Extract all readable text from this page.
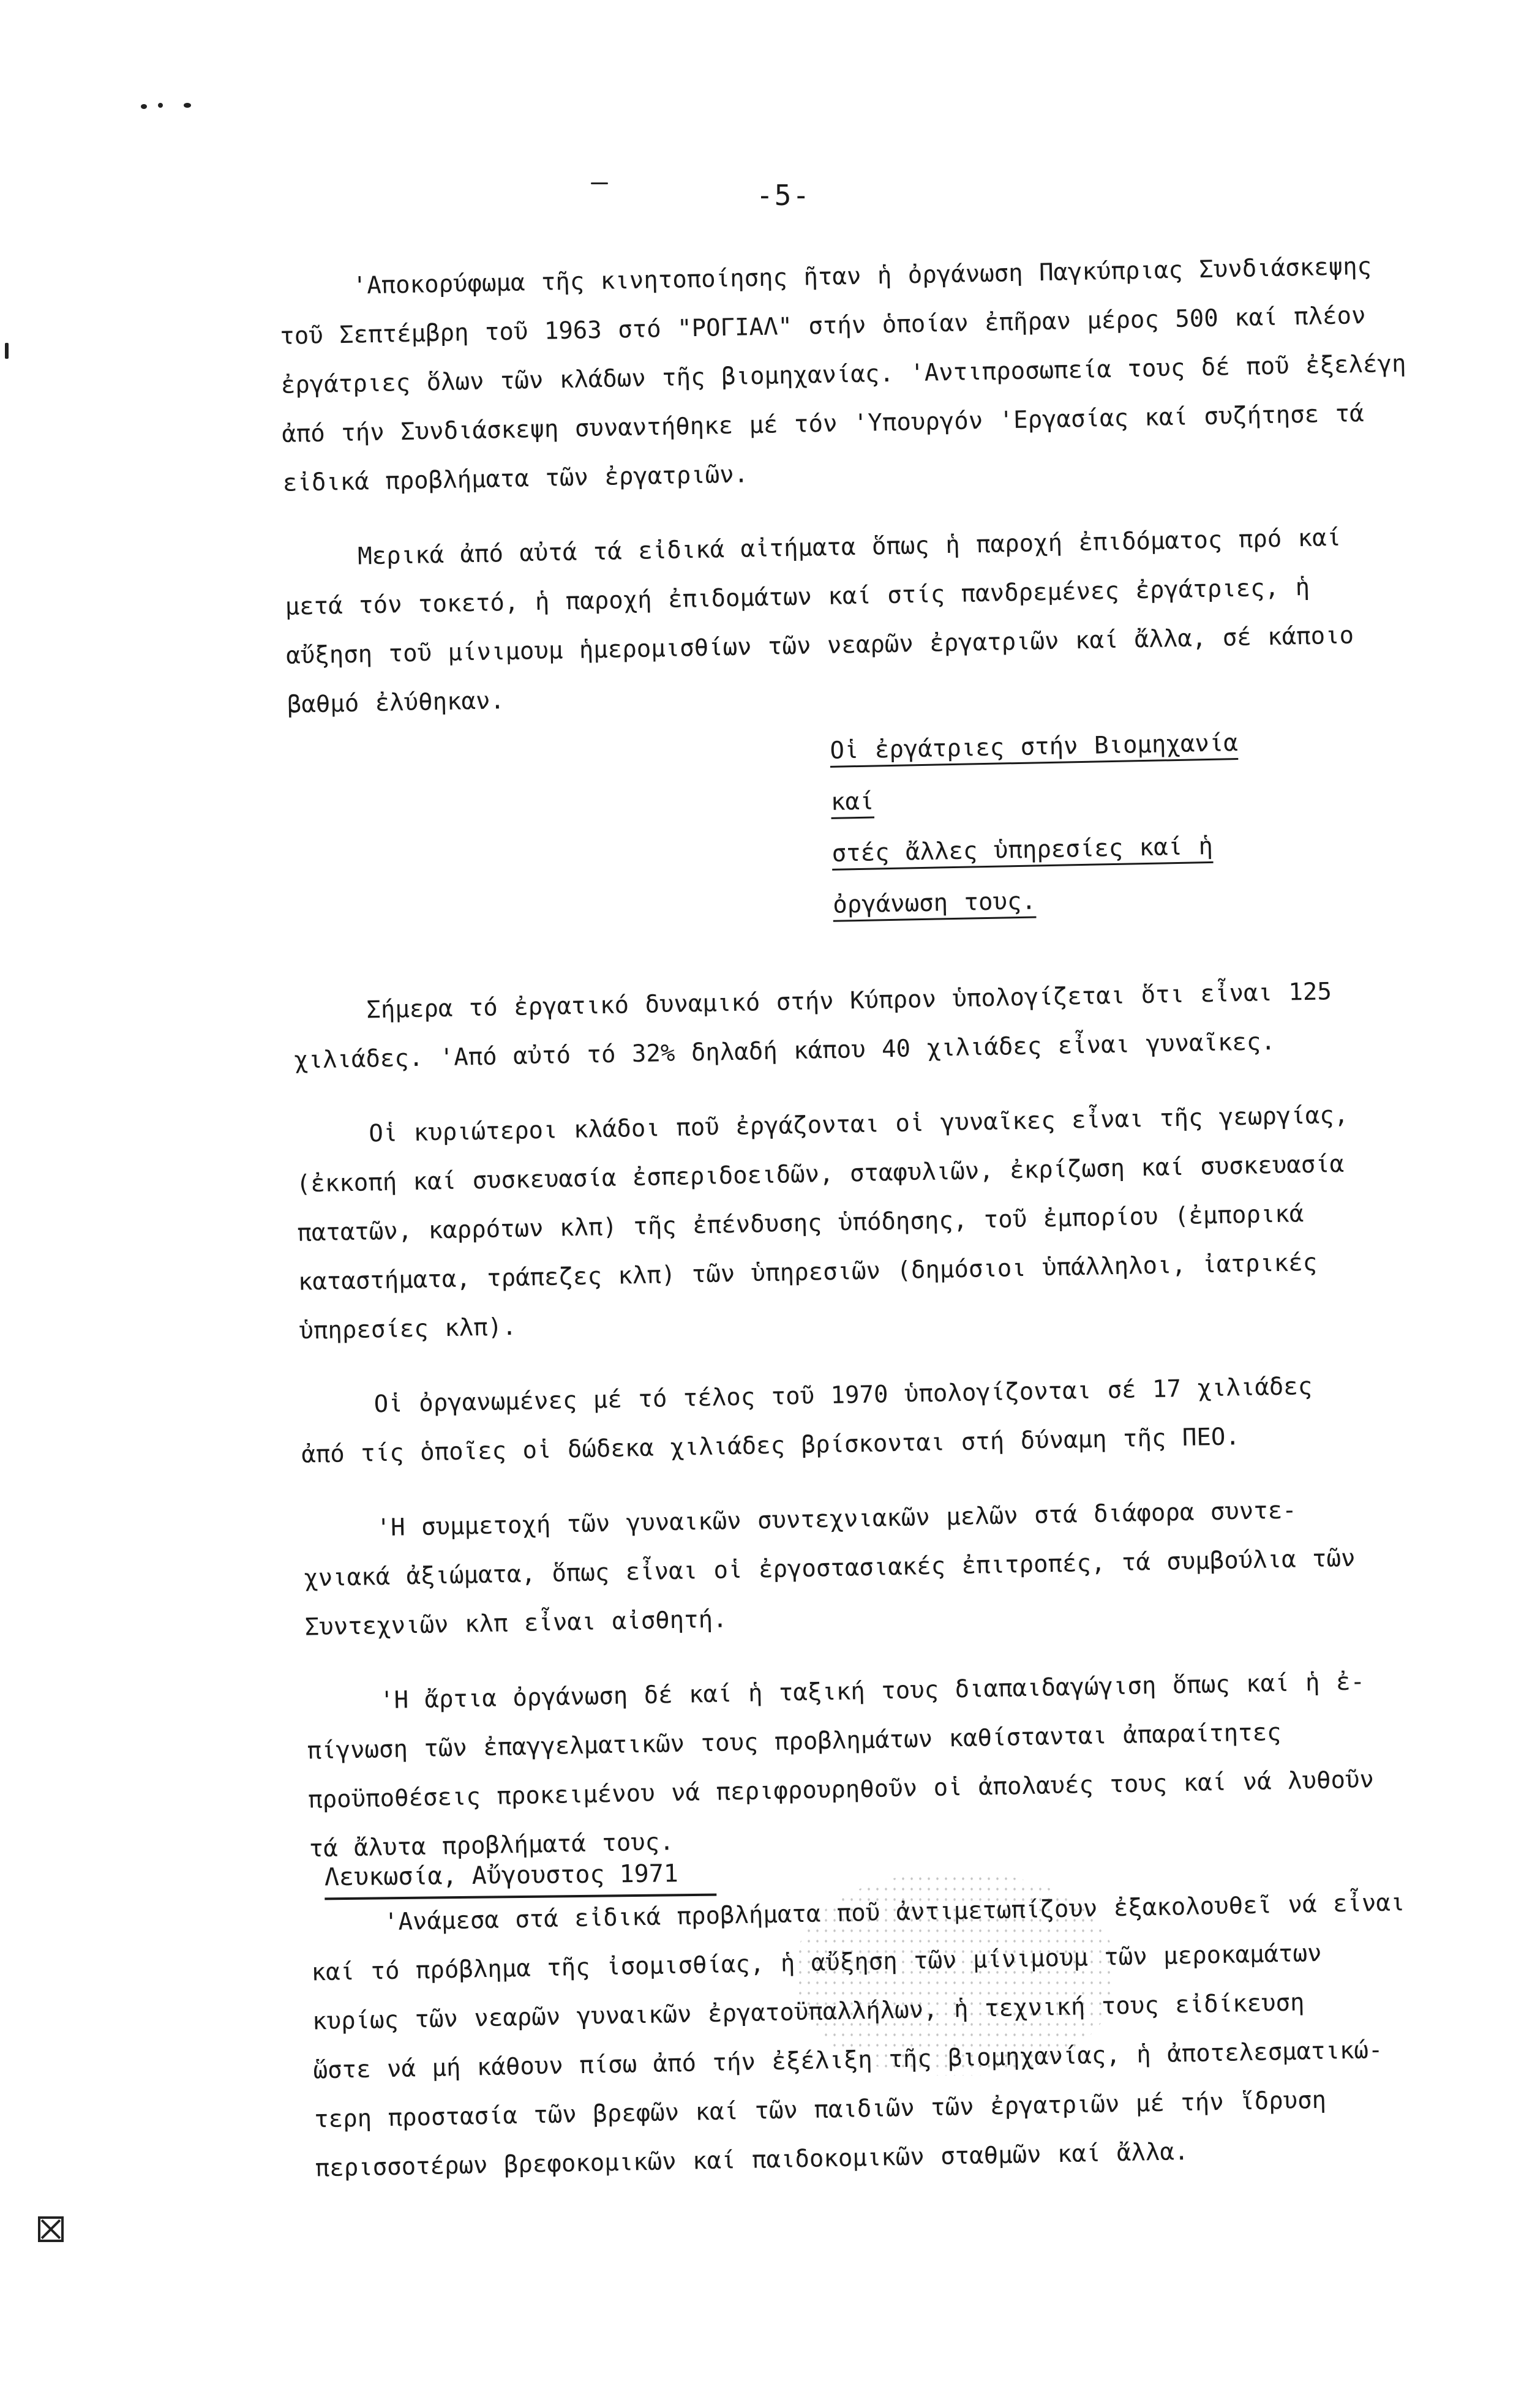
-5-

'Αποκορύφωμα τῆς κινητοποίησης ῆταν ἡ ὀργάνωση Παγκύπριας Συνδιάσκεψης
τοῦ Σεπτέμβρη τοῦ 1963 στό "ΡΟΓΙΑΛ" στήν ὁποίαν ἐπῆραν μέρος 500 καί πλέον
ἐργάτριες ὅλων τῶν κλάδων τῆς βιομηχανίας. 'Αντιπροσωπεία τους δέ ποῦ ἐξελέγη
ἀπό τήν Συνδιάσκεψη συναντήθηκε μέ τόν 'Υπουργόν 'Εργασίας καί συζήτησε τά
εἰδικά προβλήματα τῶν ἐργατριῶν.

Μερικά ἀπό αὐτά τά εἰδικά αἰτήματα ὅπως ἡ παροχή ἐπιδόματος πρό καί
μετά τόν τοκετό, ἡ παροχή ἐπιδομάτων καί στίς πανδρεμένες ἐργάτριες, ἡ
αὔξηση τοῦ μίνιμουμ ἡμερομισθίων τῶν νεαρῶν ἐργατριῶν καί ἄλλα, σέ κάποιο
βαθμό ἐλύθηκαν.

Οἱ ἐργάτριες στήν Βιομηχανία καί
στές ἄλλες ὑπηρεσίες καί ἡ
ὀργάνωση τους.

Σήμερα τό ἐργατικό δυναμικό στήν Κύπρον ὑπολογίζεται ὅτι εἶναι 125
χιλιάδες. 'Από αὐτό τό 32% δηλαδή κάπου 40 χιλιάδες εἶναι γυναῖκες.

Οἱ κυριώτεροι κλάδοι ποῦ ἐργάζονται οἱ γυναῖκες εἶναι τῆς γεωργίας,
(ἐκκοπή καί συσκευασία ἐσπεριδοειδῶν, σταφυλιῶν, ἐκρίζωση καί συσκευασία
πατατῶν, καρρότων κλπ) τῆς ἐπένδυσης ὑπόδησης, τοῦ ἐμπορίου (ἐμπορικά
καταστήματα, τράπεζες κλπ) τῶν ὑπηρεσιῶν (δημόσιοι ὑπάλληλοι, ἰατρικές
ὑπηρεσίες κλπ).

Οἱ ὀργανωμένες μέ τό τέλος τοῦ 1970 ὑπολογίζονται σέ 17 χιλιάδες
ἀπό τίς ὁποῖες οἱ δώδεκα χιλιάδες βρίσκονται στή δύναμη τῆς ΠΕΟ.

'Η συμμετοχή τῶν γυναικῶν συντεχνιακῶν μελῶν στά διάφορα συντε-
χνιακά ἀξιώματα, ὅπως εἶναι οἱ ἐργοστασιακές ἐπιτροπές, τά συμβούλια τῶν
Συντεχνιῶν κλπ εἶναι αἰσθητή.

'Η ἄρτια ὀργάνωση δέ καί ἡ ταξική τους διαπαιδαγώγιση ὅπως καί ἡ ἐ-
πίγνωση τῶν ἐπαγγελματικῶν τους προβλημάτων καθίστανται ἀπαραίτητες
προϋποθέσεις προκειμένου νά περιφρουρηθοῦν οἱ ἀπολαυές τους καί νά λυθοῦν
τά ἄλυτα προβλήματά τους.

'Ανάμεσα στά εἰδικά προβλήματα ποῦ ἀντιμετωπίζουν ἐξακολουθεῖ νά εἶναι
καί τό πρόβλημα τῆς ἰσομισθίας, ἡ αὔξηση τῶν μίνιμουμ τῶν μεροκαμάτων
κυρίως τῶν νεαρῶν γυναικῶν ἐργατοϋπαλλήλων, ἡ τεχνική τους εἰδίκευση
ὥστε νά μή κάθουν πίσω ἀπό τήν ἐξέλιξη τῆς βιομηχανίας, ἡ ἀποτελεσματικώ-
τερη προστασία τῶν βρεφῶν καί τῶν παιδιῶν τῶν ἐργατριῶν μέ τήν ἵδρυση
περισσοτέρων βρεφοκομικῶν καί παιδοκομικῶν σταθμῶν καί ἄλλα.

Λευκωσία, Αὔγουστος 1971
